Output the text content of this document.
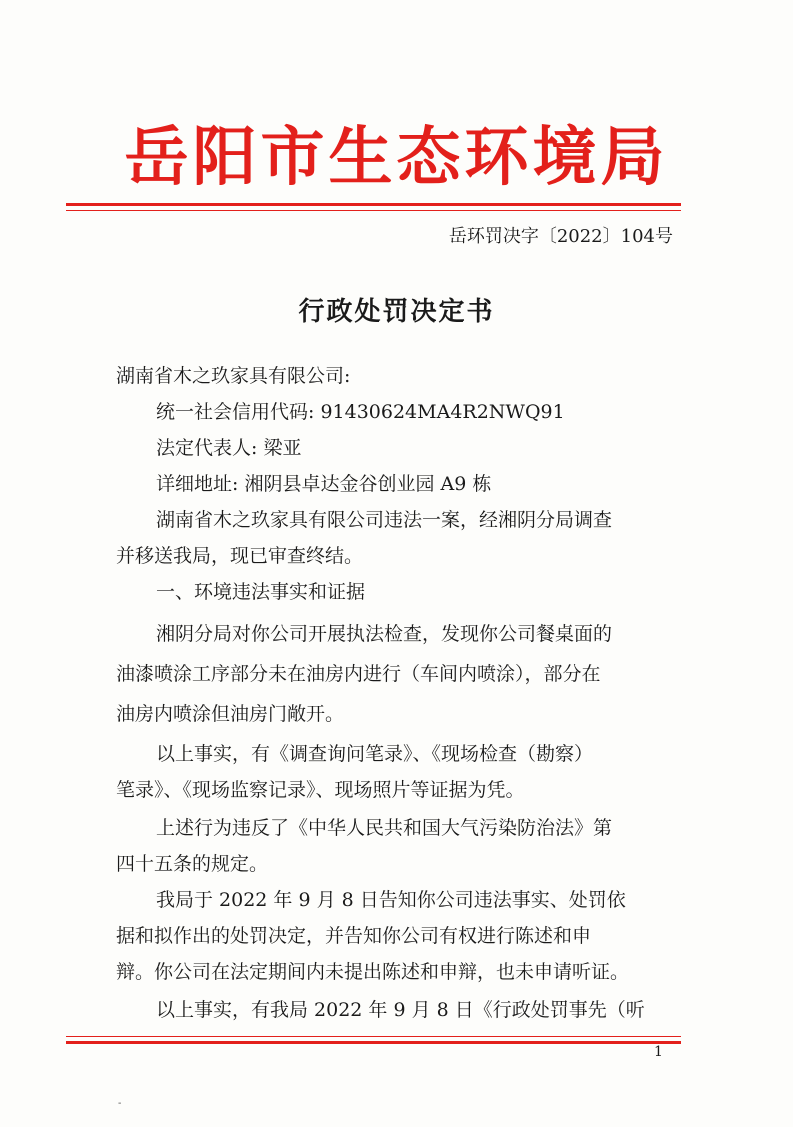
岳阳市生态环境局
岳环罚决字〔2022〕104号
行政处罚决定书
湖南省木之玖家具有限公司:
统一社会信用代码: 91430624MA4R2NWQ91
法定代表人: 梁亚
详细地址: 湘阴县卓达金谷创业园 A9 栋
湖南省木之玖家具有限公司违法一案，经湘阴分局调查
并移送我局，现已审查终结。
一、环境违法事实和证据
湘阴分局对你公司开展执法检查，发现你公司餐桌面的
油漆喷涂工序部分未在油房内进行（车间内喷涂），部分在
油房内喷涂但油房门敞开。
以上事实，有《调查询问笔录》、《现场检查（勘察）
笔录》、《现场监察记录》、现场照片等证据为凭。
上述行为违反了《中华人民共和国大气污染防治法》第
四十五条的规定。
我局于 2022 年 9 月 8 日告知你公司违法事实、处罚依
据和拟作出的处罚决定，并告知你公司有权进行陈述和申
辩。你公司在法定期间内未提出陈述和申辩，也未申请听证。
以上事实，有我局 2022 年 9 月 8 日《行政处罚事先（听
1
-
